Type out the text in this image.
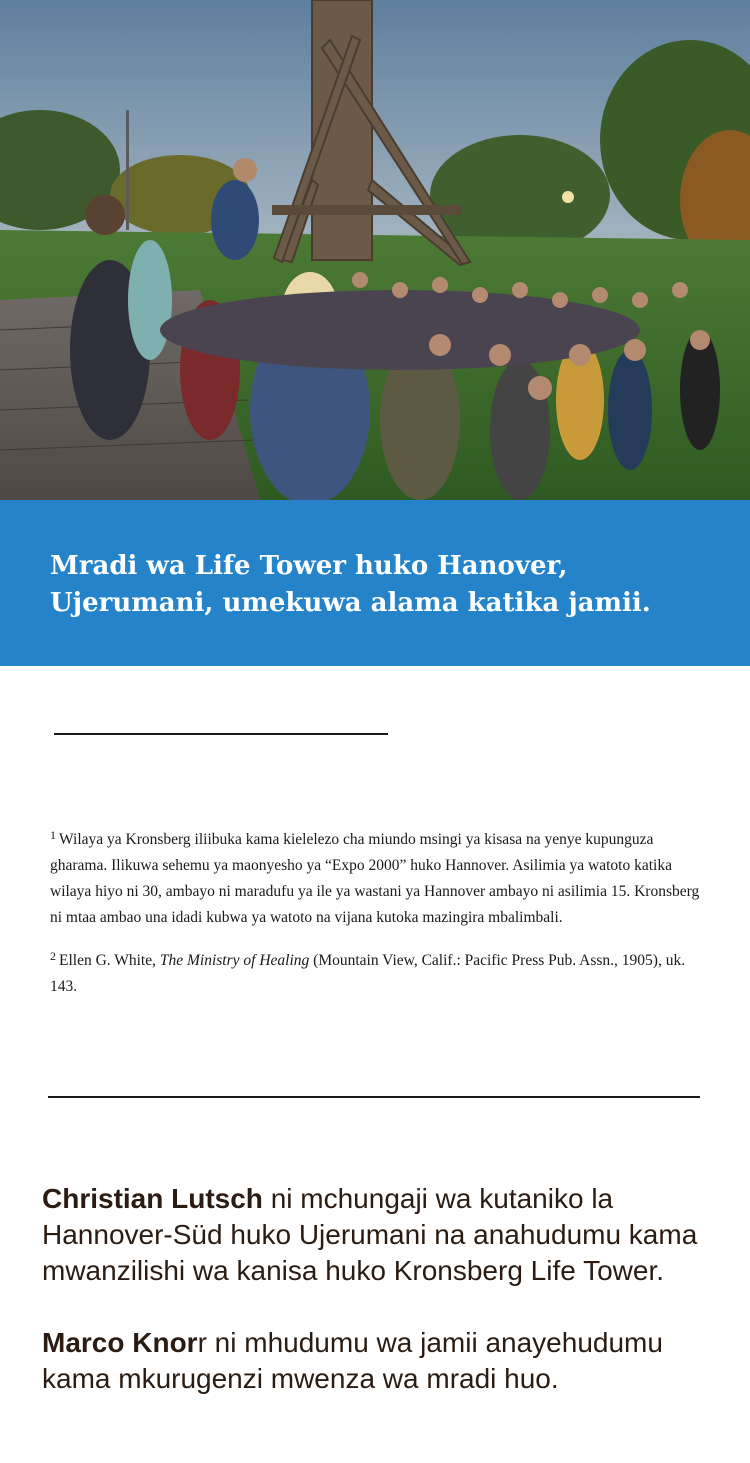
Mradi wa Life Tower huko Hanover, Ujerumani, umekuwa alama katika jamii.

$^1$ Wilaya ya Kronsberg iliibuka kama kielelezo cha miundo msingi ya kisasa na yenye kupunguza gharama. Ilikuwa sehemu ya maonyesho ya “Expo 2000” huko Hannover. Asilimia ya watoto katika wilaya hiyo ni 30, ambayo ni maradufu ya ile ya wastani ya Hannover ambayo ni asilimia 15. Kronsberg ni mtaa ambao una idadi kubwa ya watoto na vijana kutoka mazingira mbalimbali.

$^2$ Ellen G. White, The Ministry of Healing (Mountain View, Calif.: Pacific Press Pub. Assn., 1905), uk. 143.

Christian Lutsch ni mchungaji wa kutaniko la Hannover-Süd huko Ujerumani na anahudumu kama mwanzilishi wa kanisa huko Kronsberg Life Tower.

Marco Knorr ni mhudumu wa jamii anayehudumu kama mkurugenzi mwenza wa mradi huo.
